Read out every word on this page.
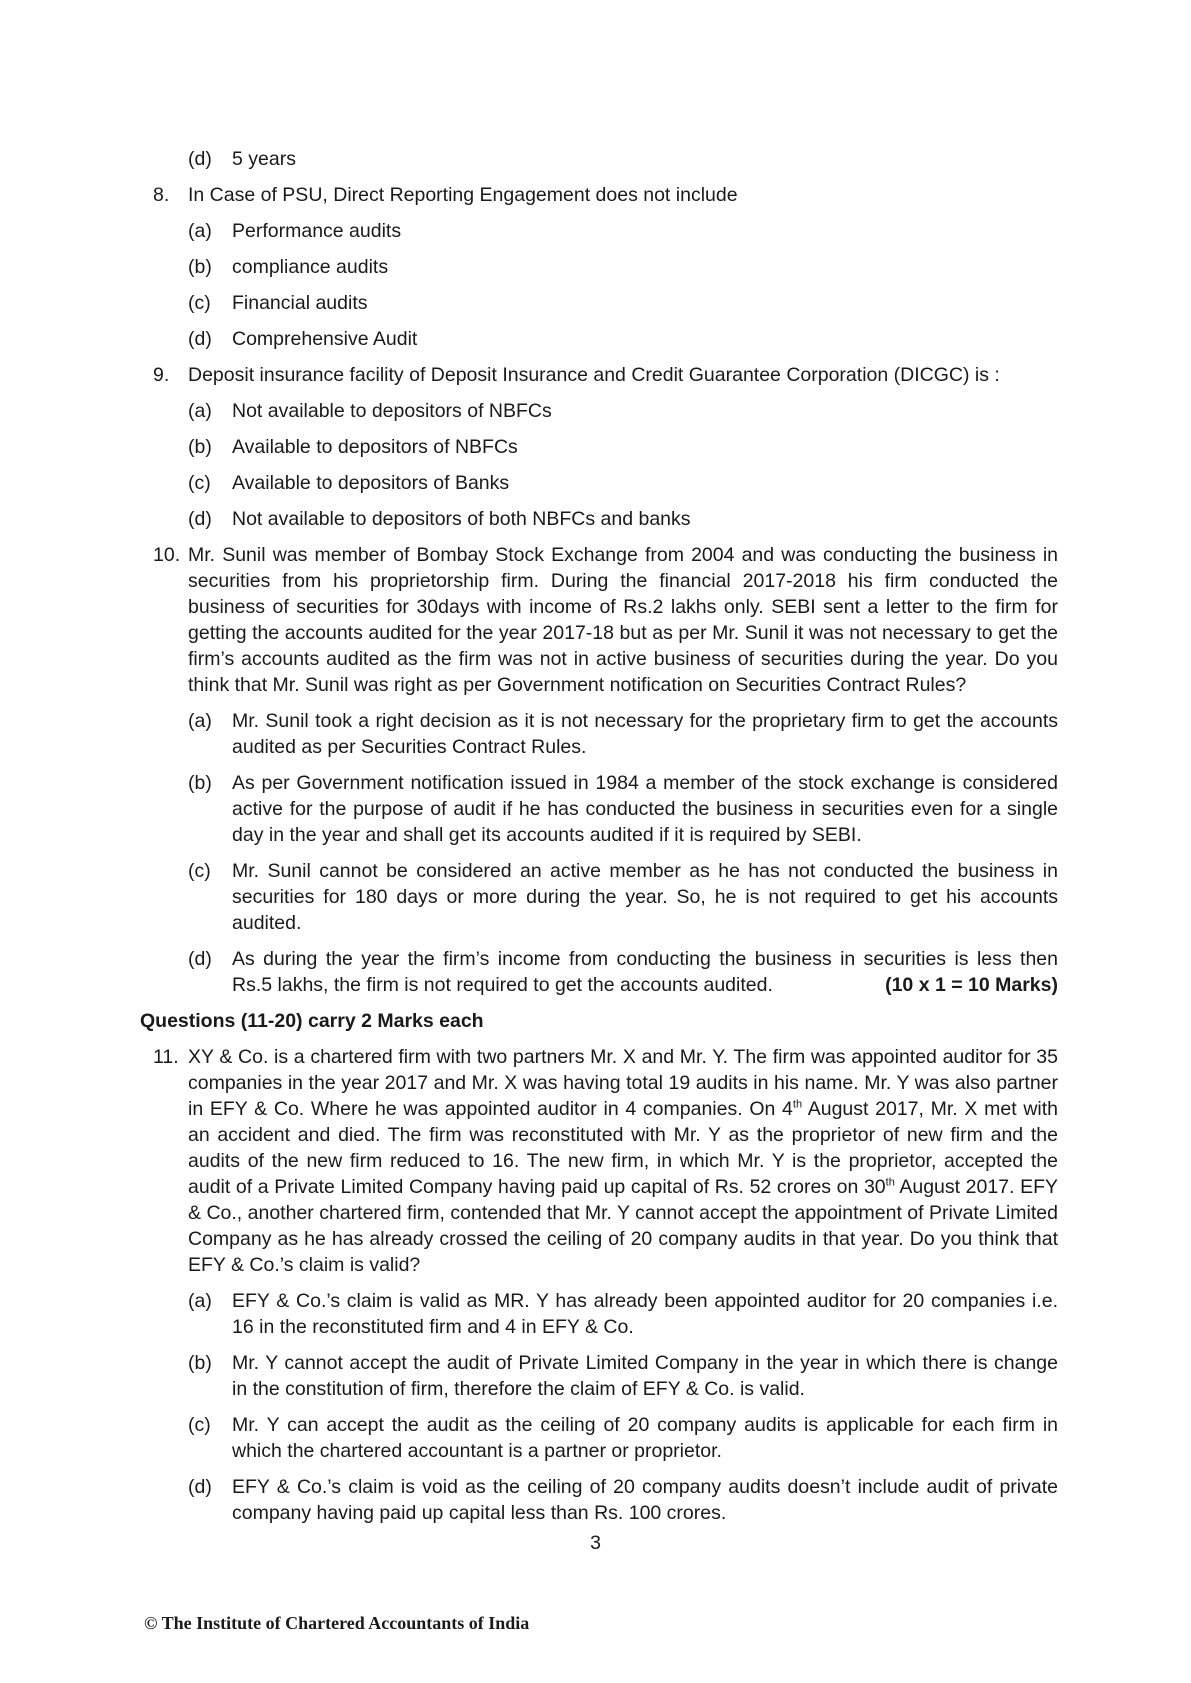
(d) 5 years
8. In Case of PSU, Direct Reporting Engagement does not include
(a) Performance audits
(b) compliance audits
(c) Financial audits
(d) Comprehensive Audit
9. Deposit insurance facility of Deposit Insurance and Credit Guarantee Corporation (DICGC) is :
(a) Not available to depositors of NBFCs
(b) Available to depositors of NBFCs
(c) Available to depositors of Banks
(d) Not available to depositors of both NBFCs and banks
10. Mr. Sunil was member of Bombay Stock Exchange from 2004 and was conducting the business in securities from his proprietorship firm. During the financial 2017-2018 his firm conducted the business of securities for 30days with income of Rs.2 lakhs only. SEBI sent a letter to the firm for getting the accounts audited for the year 2017-18 but as per Mr. Sunil it was not necessary to get the firm’s accounts audited as the firm was not in active business of securities during the year. Do you think that Mr. Sunil was right as per Government notification on Securities Contract Rules?
(a) Mr. Sunil took a right decision as it is not necessary for the proprietary firm to get the accounts audited as per Securities Contract Rules.
(b) As per Government notification issued in 1984 a member of the stock exchange is considered active for the purpose of audit if he has conducted the business in securities even for a single day in the year and shall get its accounts audited if it is required by SEBI.
(c) Mr. Sunil cannot be considered an active member as he has not conducted the business in securities for 180 days or more during the year. So, he is not required to get his accounts audited.
(d) As during the year the firm’s income from conducting the business in securities is less then Rs.5 lakhs, the firm is not required to get the accounts audited.	(10 x 1 = 10 Marks)
Questions (11-20) carry 2 Marks each
11. XY & Co. is a chartered firm with two partners Mr. X and Mr. Y. The firm was appointed auditor for 35 companies in the year 2017 and Mr. X was having total 19 audits in his name. Mr. Y was also partner in EFY & Co. Where he was appointed auditor in 4 companies. On 4th August 2017, Mr. X met with an accident and died. The firm was reconstituted with Mr. Y as the proprietor of new firm and the audits of the new firm reduced to 16. The new firm, in which Mr. Y is the proprietor, accepted the audit of a Private Limited Company having paid up capital of Rs. 52 crores on 30th August 2017. EFY & Co., another chartered firm, contended that Mr. Y cannot accept the appointment of Private Limited Company as he has already crossed the ceiling of 20 company audits in that year. Do you think that EFY & Co.’s claim is valid?
(a) EFY & Co.’s claim is valid as MR. Y has already been appointed auditor for 20 companies i.e. 16 in the reconstituted firm and 4 in EFY & Co.
(b) Mr. Y cannot accept the audit of Private Limited Company in the year in which there is change in the constitution of firm, therefore the claim of EFY & Co. is valid.
(c) Mr. Y can accept the audit as the ceiling of 20 company audits is applicable for each firm in which the chartered accountant is a partner or proprietor.
(d) EFY & Co.’s claim is void as the ceiling of 20 company audits doesn’t include audit of private company having paid up capital less than Rs. 100 crores.
3
© The Institute of Chartered Accountants of India
